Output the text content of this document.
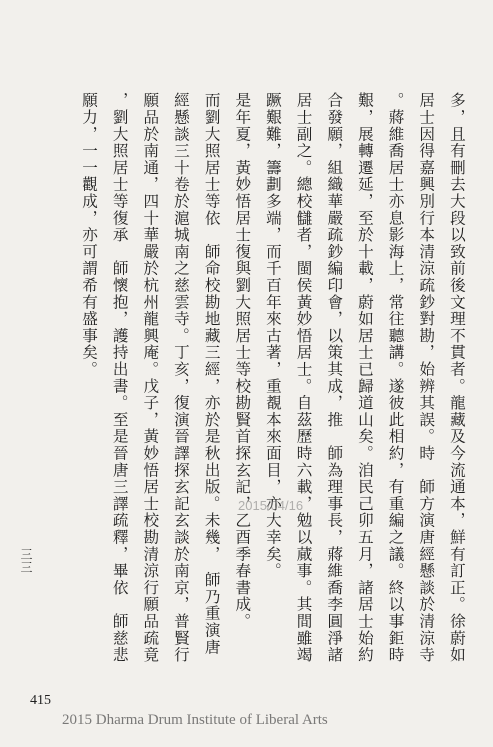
多，且有刪去大段以致前後文理不貫者。龍藏及今流通本，鮮有訂正。徐蔚如
居士因得嘉興別行本清涼疏鈔對勘，始辨其誤。時　師方演唐經懸談於清涼寺
。蔣維喬居士亦息影海上，常往聽講。遂彼此相約，有重編之議。終以事鉅時
艱，展轉遷延，至於十載，蔚如居士已歸道山矣。洎民己卯五月，諸居士始約
合發願，組織華嚴疏鈔編印會，以策其成，推　師為理事長，蔣維喬李圓淨諸
居士副之。總校讎者，閩侯黃妙悟居士。自茲歷時六載，勉以蕆事。其間雖竭
蹶艱難，籌劃多端，而千百年來古著，重覩本來面目，亦大幸矣。
是年夏，黃妙悟居士復與劉大照居士等校勘賢首探玄記，乙酉季春書成。
而劉大照居士等依　師命校勘地藏三經，亦於是秋出版。未幾，　師乃重演唐
經懸談三十卷於滬城南之慈雲寺。丁亥，復演晉譯探玄記玄談於南京，普賢行
願品於南通，四十華嚴於杭州龍興庵。戊子，黃妙悟居士校勘清涼行願品疏竟
，劉大照居士等復承　師懷抱，護持出書。至是晉唐三譯疏釋，畢依　師慈悲
願力，一一觀成，亦可謂希有盛事矣。
三三
415
2015/04/16
2015 Dharma Drum Institute of Liberal Arts
